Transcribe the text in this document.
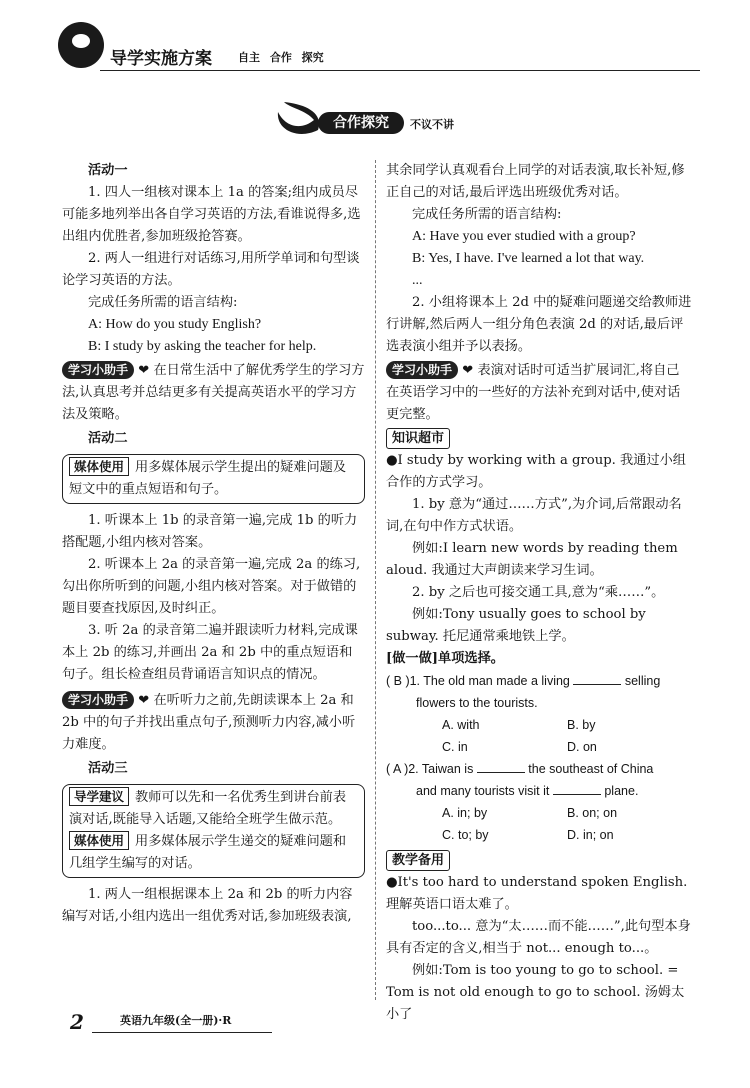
导学实施方案 自主 合作 探究
合作探究	不议不讲

活动一

1. 四人一组核对课本上 1a 的答案;组内成员尽可能多地列举出各自学习英语的方法,看谁说得多,选出组内优胜者,参加班级抢答赛。

2. 两人一组进行对话练习,用所学单词和句型谈论学习英语的方法。

完成任务所需的语言结构:

A: How do you study English?

B: I study by asking the teacher for help.

学习小助手 ❤ 在日常生活中了解优秀学生的学习方法,认真思考并总结更多有关提高英语水平的学习方法及策略。

活动二

媒体使用 用多媒体展示学生提出的疑难问题及短文中的重点短语和句子。

1. 听课本上 1b 的录音第一遍,完成 1b 的听力搭配题,小组内核对答案。

2. 听课本上 2a 的录音第一遍,完成 2a 的练习,勾出你所听到的问题,小组内核对答案。对于做错的题目要查找原因,及时纠正。

3. 听 2a 的录音第二遍并跟读听力材料,完成课本上 2b 的练习,并画出 2a 和 2b 中的重点短语和句子。组长检查组员背诵语言知识点的情况。

学习小助手 ❤ 在听听力之前,先朗读课本上 2a 和 2b 中的句子并找出重点句子,预测听力内容,减小听力难度。

活动三

导学建议 教师可以先和一名优秀生到讲台前表演对话,既能导入话题,又能给全班学生做示范。

媒体使用 用多媒体展示学生递交的疑难问题和几组学生编写的对话。

1. 两人一组根据课本上 2a 和 2b 的听力内容编写对话,小组内选出一组优秀对话,参加班级表演,

其余同学认真观看台上同学的对话表演,取长补短,修正自己的对话,最后评选出班级优秀对话。

完成任务所需的语言结构:

A: Have you ever studied with a group?

B: Yes, I have. I've learned a lot that way.

...

2. 小组将课本上 2d 中的疑难问题递交给教师进行讲解,然后两人一组分角色表演 2d 的对话,最后评选表演小组并予以表扬。

学习小助手 ❤ 表演对话时可适当扩展词汇,将自己在英语学习中的一些好的方法补充到对话中,使对话更完整。

知识超市

●I study by working with a group. 我通过小组合作的方式学习。

1. by 意为“通过……方式”,为介词,后常跟动名词,在句中作方式状语。

例如:I learn new words by reading them aloud. 我通过大声朗读来学习生词。

2. by 之后也可接交通工具,意为“乘……”。

例如:Tony usually goes to school by subway. 托尼通常乘地铁上学。

[做一做]单项选择。

( B )1. The old man made a living	selling
flowers to the tourists.
A. with	B. by
C. in	D. on
( A )2. Taiwan is	the southeast of China
and many tourists visit it	plane.
A. in; by	B. on; on
C. to; by	D. in; on

教学备用

●It's too hard to understand spoken English. 理解英语口语太难了。

too...to... 意为“太……而不能……”,此句型本身具有否定的含义,相当于 not... enough to...。

例如:Tom is too young to go to school. = Tom is not old enough to go to school. 汤姆太小了

2	英语九年级(全一册)·R
